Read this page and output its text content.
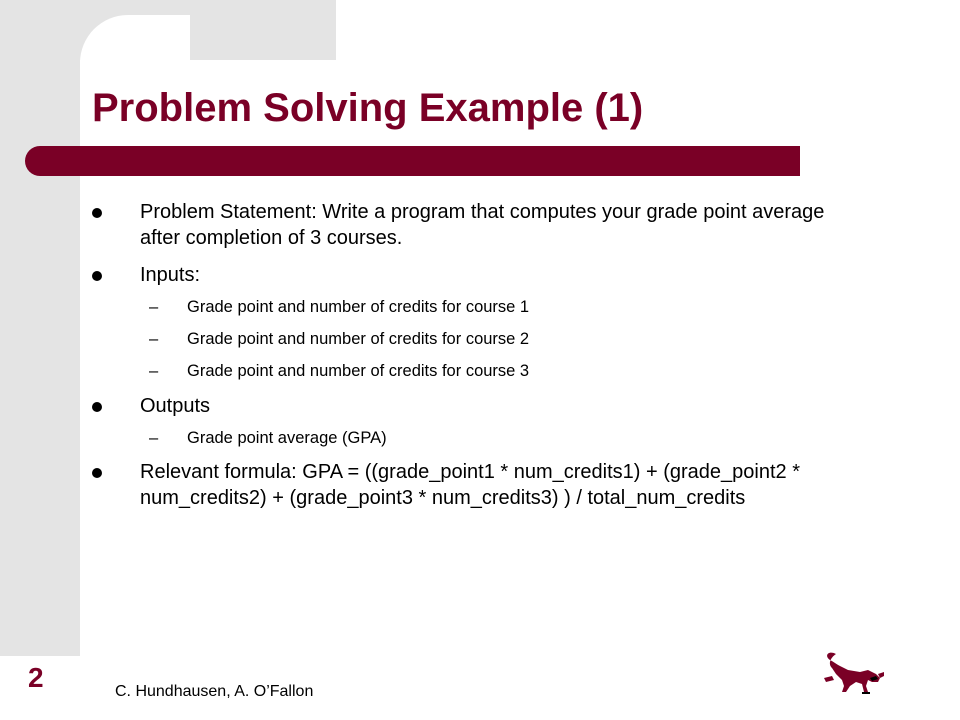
Problem Solving Example (1)
Problem Statement: Write a program that computes your grade point average after completion of 3 courses.
Inputs:
– Grade point and number of credits for course 1
– Grade point and number of credits for course 2
– Grade point and number of credits for course 3
Outputs
– Grade point average (GPA)
Relevant formula: GPA = ((grade_point1 * num_credits1) + (grade_point2 * num_credits2) + (grade_point3 * num_credits3) ) / total_num_credits
2	C. Hundhausen, A. O’Fallon
